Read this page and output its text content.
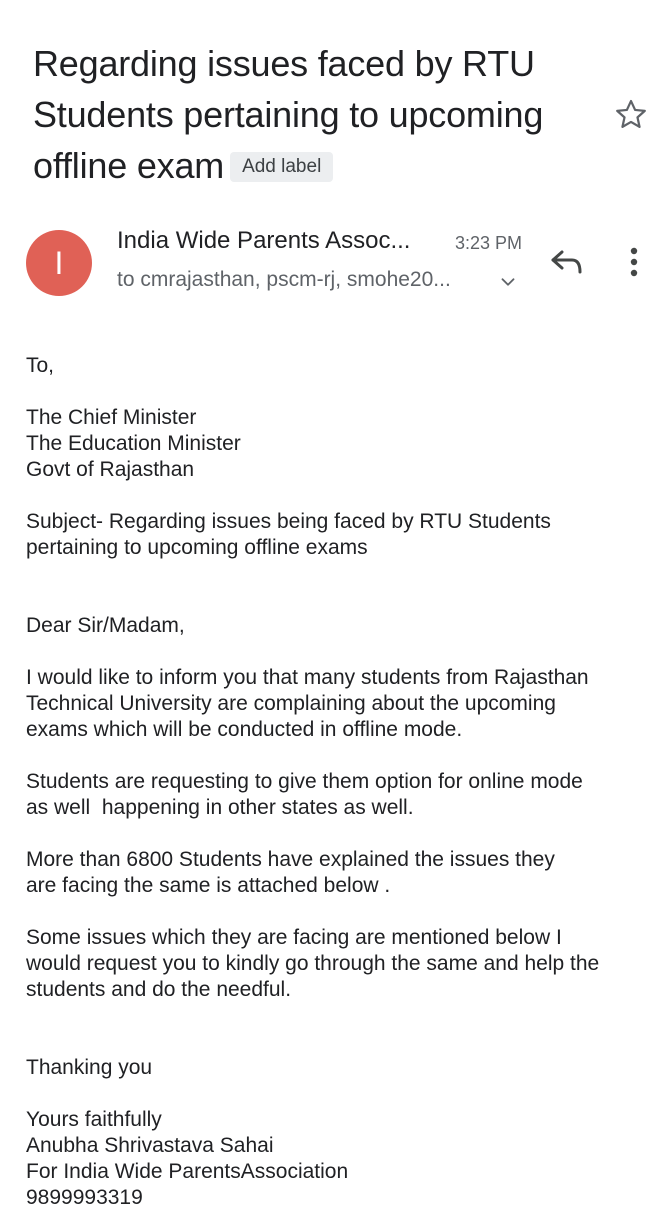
Regarding issues faced by RTU
Students pertaining to upcoming
offline exam Add label
I
India Wide Parents Assoc... 3:23 PM
to cmrajasthan, pscm-rj, smohe20...
To,
The Chief Minister
The Education Minister
Govt of Rajasthan
Subject- Regarding issues being faced by RTU Students
pertaining to upcoming offline exams
Dear Sir/Madam,
I would like to inform you that many students from Rajasthan
Technical University are complaining about the upcoming
exams which will be conducted in offline mode.
Students are requesting to give them option for online mode
as well  happening in other states as well.
More than 6800 Students have explained the issues they
are facing the same is attached below .
Some issues which they are facing are mentioned below I
would request you to kindly go through the same and help the
students and do the needful.
Thanking you
Yours faithfully
Anubha Shrivastava Sahai
For India Wide ParentsAssociation
9899993319
